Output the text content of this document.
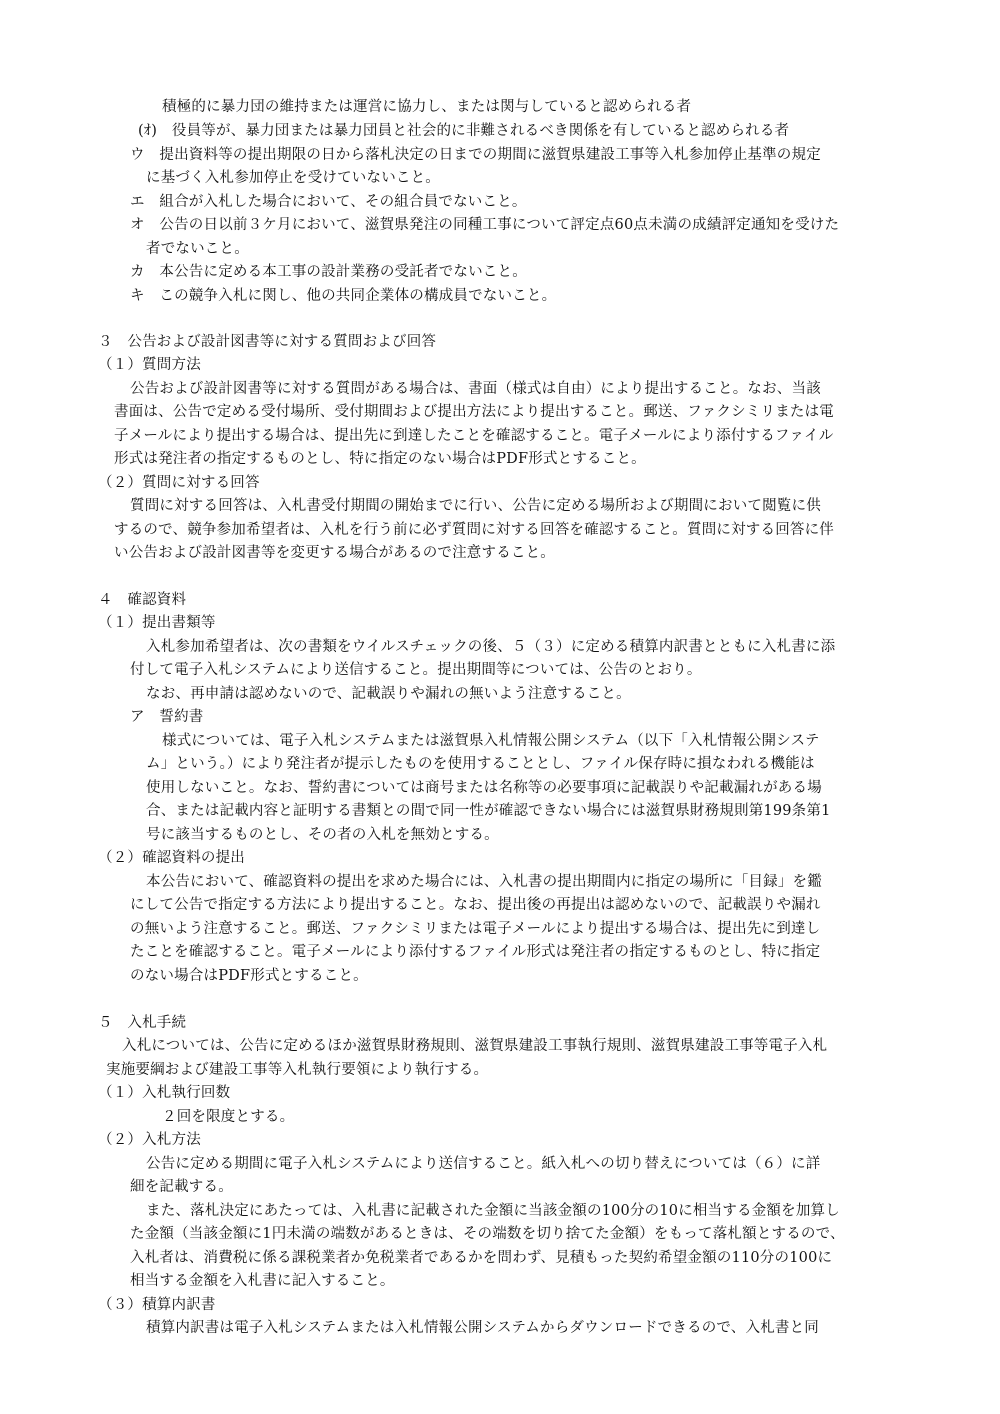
積極的に暴力団の維持または運営に協力し、または関与していると認められる者

(ｵ)　役員等が、暴力団または暴力団員と社会的に非難されるべき関係を有していると認められる者

ウ　提出資料等の提出期限の日から落札決定の日までの期間に滋賀県建設工事等入札参加停止基準の規定

に基づく入札参加停止を受けていないこと。

エ　組合が入札した場合において、その組合員でないこと。

オ　公告の日以前３ケ月において、滋賀県発注の同種工事について評定点60点未満の成績評定通知を受けた

者でないこと。

カ　本公告に定める本工事の設計業務の受託者でないこと。

キ　この競争入札に関し、他の共同企業体の構成員でないこと。

３　公告および設計図書等に対する質問および回答

（１）質問方法

公告および設計図書等に対する質問がある場合は、書面（様式は自由）により提出すること。なお、当該

書面は、公告で定める受付場所、受付期間および提出方法により提出すること。郵送、ファクシミリまたは電

子メールにより提出する場合は、提出先に到達したことを確認すること。電子メールにより添付するファイル

形式は発注者の指定するものとし、特に指定のない場合はPDF形式とすること。

（２）質問に対する回答

質問に対する回答は、入札書受付期間の開始までに行い、公告に定める場所および期間において閲覧に供

するので、競争参加希望者は、入札を行う前に必ず質問に対する回答を確認すること。質問に対する回答に伴

い公告および設計図書等を変更する場合があるので注意すること。

４　確認資料

（１）提出書類等

入札参加希望者は、次の書類をウイルスチェックの後、５（３）に定める積算内訳書とともに入札書に添

付して電子入札システムにより送信すること。提出期間等については、公告のとおり。

なお、再申請は認めないので、記載誤りや漏れの無いよう注意すること。

ア　誓約書

様式については、電子入札システムまたは滋賀県入札情報公開システム（以下「入札情報公開システ

ム」という。）により発注者が提示したものを使用することとし、ファイル保存時に損なわれる機能は

使用しないこと。なお、誓約書については商号または名称等の必要事項に記載誤りや記載漏れがある場

合、または記載内容と証明する書類との間で同一性が確認できない場合には滋賀県財務規則第199条第1

号に該当するものとし、その者の入札を無効とする。

（２）確認資料の提出

本公告において、確認資料の提出を求めた場合には、入札書の提出期間内に指定の場所に「目録」を鑑

にして公告で指定する方法により提出すること。なお、提出後の再提出は認めないので、記載誤りや漏れ

の無いよう注意すること。郵送、ファクシミリまたは電子メールにより提出する場合は、提出先に到達し

たことを確認すること。電子メールにより添付するファイル形式は発注者の指定するものとし、特に指定

のない場合はPDF形式とすること。

５　入札手続

入札については、公告に定めるほか滋賀県財務規則、滋賀県建設工事執行規則、滋賀県建設工事等電子入札

実施要綱および建設工事等入札執行要領により執行する。

（１）入札執行回数

２回を限度とする。

（２）入札方法

公告に定める期間に電子入札システムにより送信すること。紙入札への切り替えについては（６）に詳

細を記載する。

また、落札決定にあたっては、入札書に記載された金額に当該金額の100分の10に相当する金額を加算し

た金額（当該金額に1円未満の端数があるときは、その端数を切り捨てた金額）をもって落札額とするので、

入札者は、消費税に係る課税業者か免税業者であるかを問わず、見積もった契約希望金額の110分の100に

相当する金額を入札書に記入すること。

（３）積算内訳書

積算内訳書は電子入札システムまたは入札情報公開システムからダウンロードできるので、入札書と同
